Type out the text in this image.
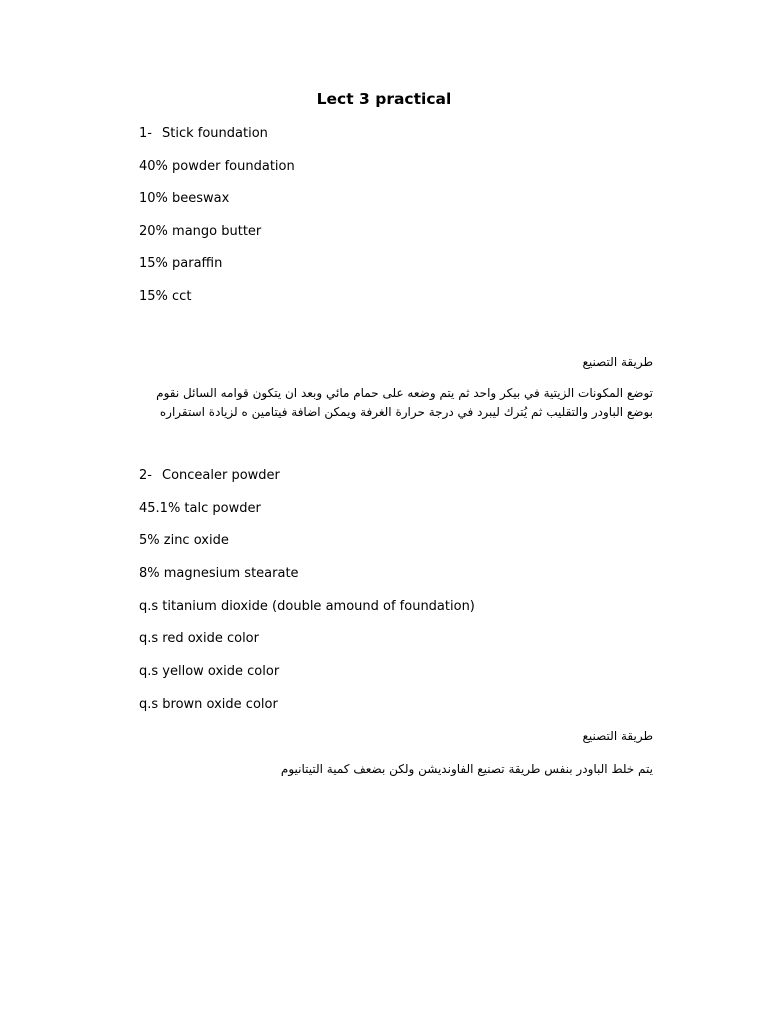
Lect 3 practical
1- Stick foundation
40% powder foundation
10% beeswax
20% mango butter
15% paraffin
15% cct
طريقة التصنيع
توضع المكونات الزيتية في بيكر واحد ثم يتم وضعه على حمام مائي وبعد ان يتكون قوامه السائل نقوم
بوضع الباودر والتقليب ثم يُترك ليبرد في درجة حرارة الغرفة ويمكن اضافة فيتامين ه لزيادة استقراره
2- Concealer powder
45.1% talc powder
5% zinc oxide
8% magnesium stearate
q.s titanium dioxide (double amound of foundation)
q.s red oxide color
q.s yellow oxide color
q.s brown oxide color
طريقة التصنيع
يتم خلط الباودر بنفس طريقة تصنيع الفاونديشن ولكن بضعف كمية التيتانيوم
